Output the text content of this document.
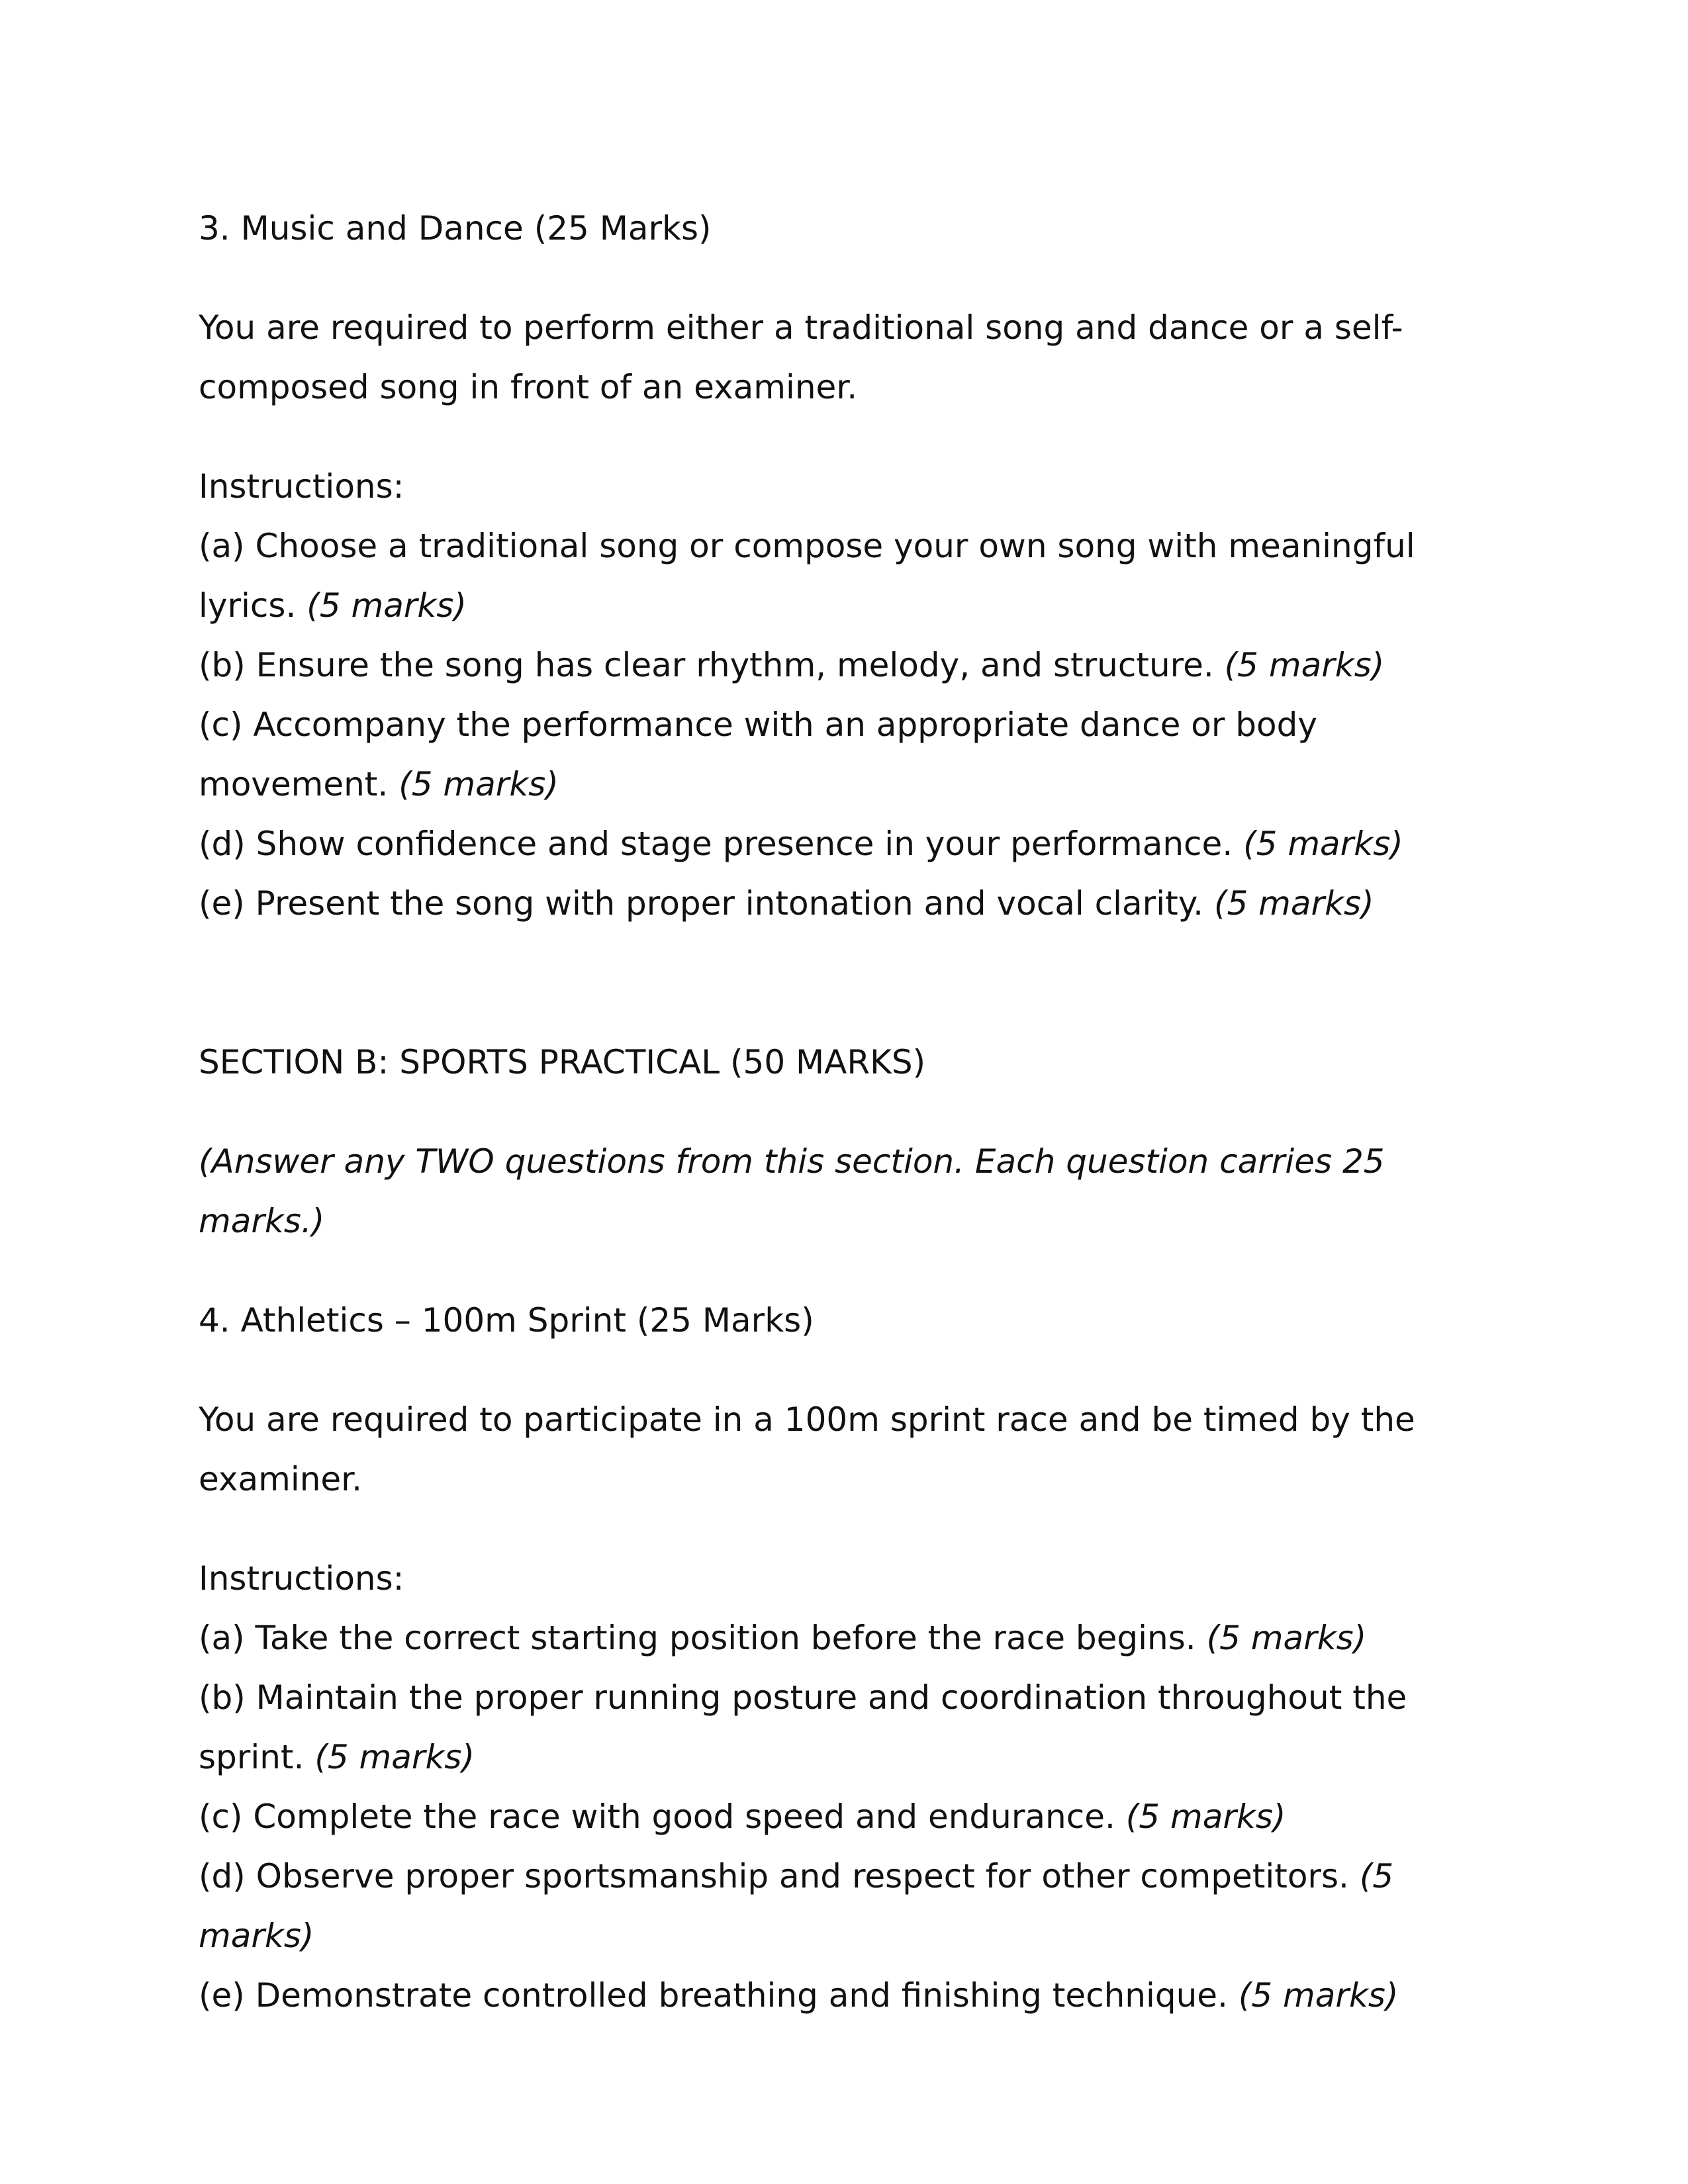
3. Music and Dance (25 Marks)

You are required to perform either a traditional song and dance or a self-composed song in front of an examiner.

Instructions:

(a) Choose a traditional song or compose your own song with meaningful lyrics. (5 marks)

(b) Ensure the song has clear rhythm, melody, and structure. (5 marks)

(c) Accompany the performance with an appropriate dance or body movement. (5 marks)

(d) Show confidence and stage presence in your performance. (5 marks)

(e) Present the song with proper intonation and vocal clarity. (5 marks)

SECTION B: SPORTS PRACTICAL (50 MARKS)

(Answer any TWO questions from this section. Each question carries 25 marks.)

4. Athletics – 100m Sprint (25 Marks)

You are required to participate in a 100m sprint race and be timed by the examiner.

Instructions:

(a) Take the correct starting position before the race begins. (5 marks)

(b) Maintain the proper running posture and coordination throughout the sprint. (5 marks)

(c) Complete the race with good speed and endurance. (5 marks)

(d) Observe proper sportsmanship and respect for other competitors. (5 marks)

(e) Demonstrate controlled breathing and finishing technique. (5 marks)
